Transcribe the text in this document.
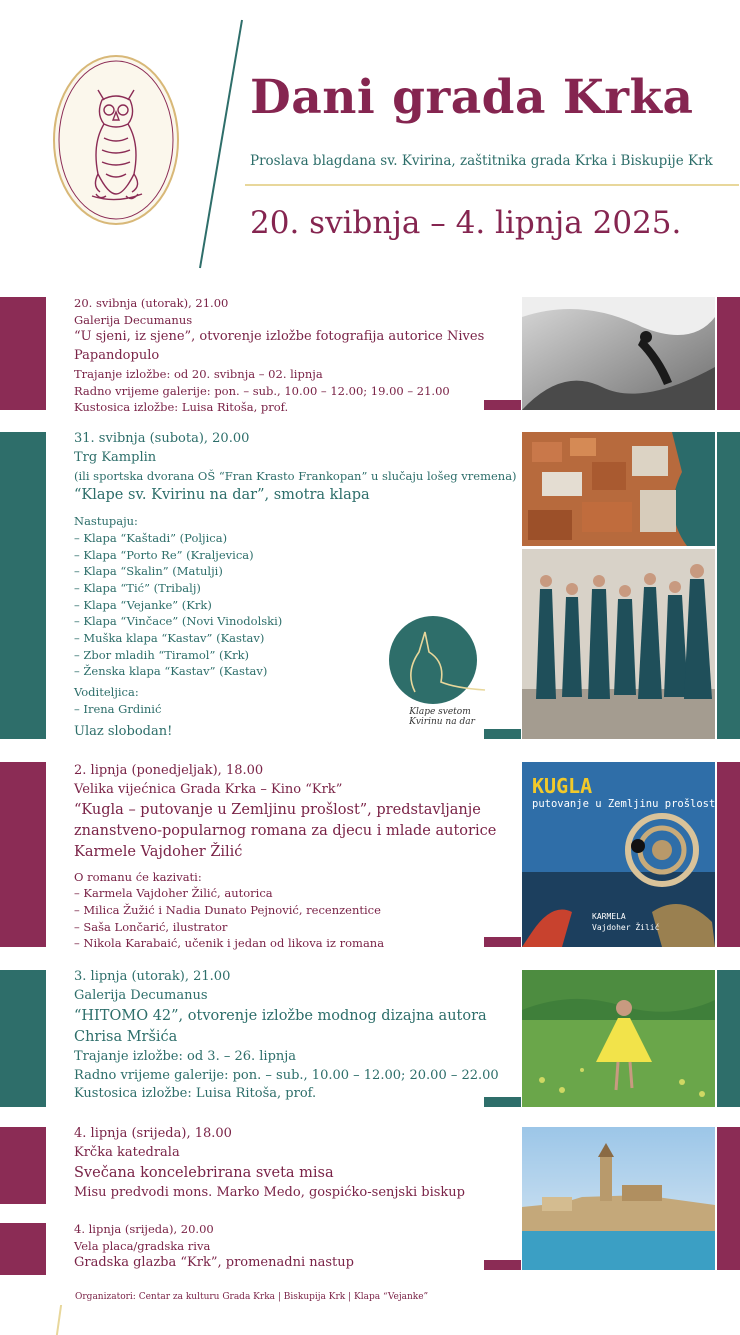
Dani grada Krka
Proslava blagdana sv. Kvirina, zaštitnika grada Krka i Biskupije Krk
20. svibnja – 4. lipnja 2025.
20. svibnja (utorak), 21.00
Galerija Decumanus
“U sjeni, iz sjene”, otvorenje izložbe fotografija autorice Nives
Papandopulo
Trajanje izložbe: od 20. svibnja – 02. lipnja
Radno vrijeme galerije: pon. – sub., 10.00 – 12.00; 19.00 – 21.00
Kustosica izložbe: Luisa Ritoša, prof.
Klape svetom
Kvirinu na dar
31. svibnja (subota), 20.00
Trg Kamplin
(ili sportska dvorana OŠ “Fran Krasto Frankopan” u slučaju lošeg vremena)
“Klape sv. Kvirinu na dar”, smotra klapa
Nastupaju:
– Klapa “Kaštadi” (Poljica)
– Klapa “Porto Re” (Kraljevica)
– Klapa “Skalin” (Matulji)
– Klapa “Tić” (Tribalj)
– Klapa “Vejanke” (Krk)
– Klapa “Vinčace” (Novi Vinodolski)
– Muška klapa “Kastav” (Kastav)
– Zbor mladih “Tiramol” (Krk)
– Ženska klapa “Kastav” (Kastav)
Voditeljica:
– Irena Grdinić
Ulaz slobodan!
KUGLA
putovanje u Zemljinu prošlost
KARMELA
Vajdoher Žilić
2. lipnja (ponedjeljak), 18.00
Velika vijećnica Grada Krka – Kino “Krk”
“Kugla – putovanje u Zemljinu prošlost”, predstavljanje
znanstveno-popularnog romana za djecu i mlade autorice
Karmele Vajdoher Žilić
O romanu će kazivati:
– Karmela Vajdoher Žilić, autorica
– Milica Žužić i Nadia Dunato Pejnović, recenzentice
– Saša Lončarić, ilustrator
– Nikola Karabaić, učenik i jedan od likova iz romana
3. lipnja (utorak), 21.00
Galerija Decumanus
“HITOMO 42”, otvorenje izložbe modnog dizajna autora
Chrisa Mršića
Trajanje izložbe: od 3. – 26. lipnja
Radno vrijeme galerije: pon. – sub., 10.00 – 12.00; 20.00 – 22.00
Kustosica izložbe: Luisa Ritoša, prof.
4. lipnja (srijeda), 18.00
Krčka katedrala
Svečana koncelebrirana sveta misa
Misu predvodi mons. Marko Medo, gospićko-senjski biskup
4. lipnja (srijeda), 20.00
Vela placa/gradska riva
Gradska glazba “Krk”, promenadni nastup
Organizatori: Centar za kulturu Grada Krka | Biskupija Krk | Klapa “Vejanke”
